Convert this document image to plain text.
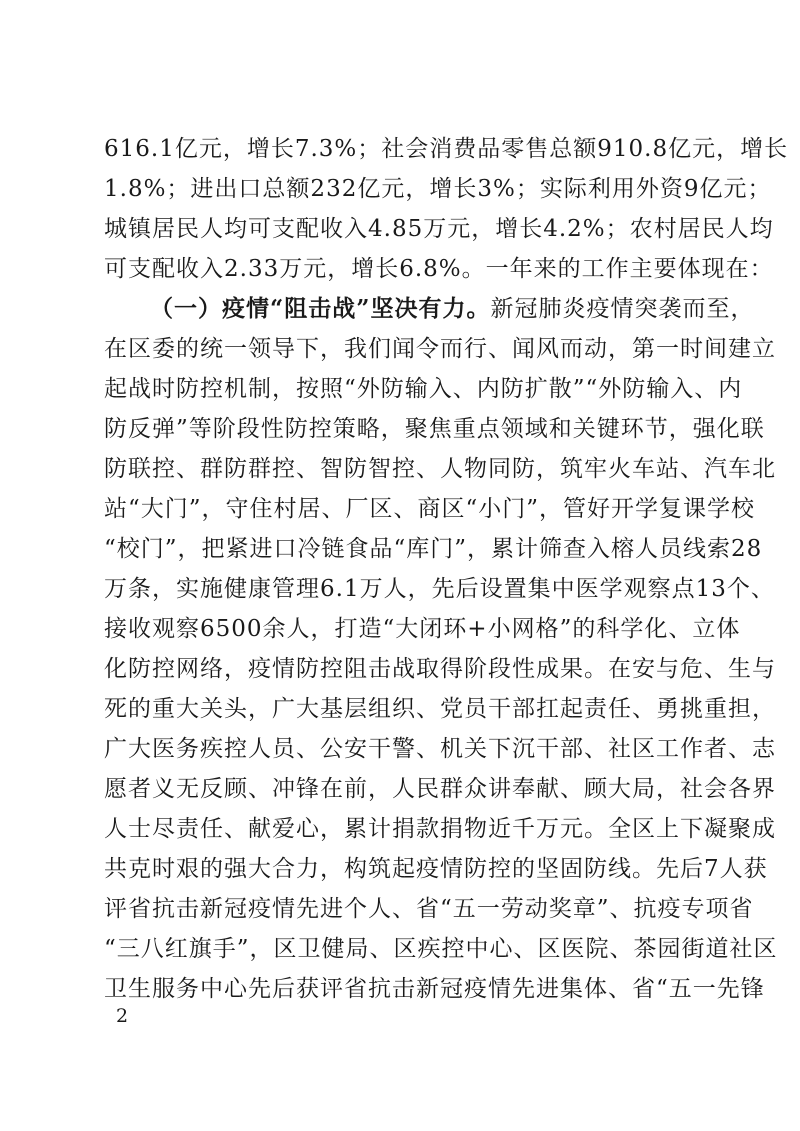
616.1亿元，增长7.3%；社会消费品零售总额910.8亿元，增长
1.8%；进出口总额232亿元，增长3%；实际利用外资9亿元；
城镇居民人均可支配收入4.85万元，增长4.2%；农村居民人均
可支配收入2.33万元，增长6.8%。一年来的工作主要体现在：
（一）疫情“阻击战”坚决有力。新冠肺炎疫情突袭而至，
在区委的统一领导下，我们闻令而行、闻风而动，第一时间建立
起战时防控机制，按照“外防输入、内防扩散”“外防输入、内
防反弹”等阶段性防控策略，聚焦重点领域和关键环节，强化联
防联控、群防群控、智防智控、人物同防，筑牢火车站、汽车北
站“大门”，守住村居、厂区、商区“小门”，管好开学复课学校
“校门”，把紧进口冷链食品“库门”，累计筛查入榕人员线索28
万条，实施健康管理6.1万人，先后设置集中医学观察点13个、
接收观察6500余人，打造“大闭环+小网格”的科学化、立体
化防控网络，疫情防控阻击战取得阶段性成果。在安与危、生与
死的重大关头，广大基层组织、党员干部扛起责任、勇挑重担，
广大医务疾控人员、公安干警、机关下沉干部、社区工作者、志
愿者义无反顾、冲锋在前，人民群众讲奉献、顾大局，社会各界
人士尽责任、献爱心，累计捐款捐物近千万元。全区上下凝聚成
共克时艰的强大合力，构筑起疫情防控的坚固防线。先后7人获
评省抗击新冠疫情先进个人、省“五一劳动奖章”、抗疫专项省
“三八红旗手”，区卫健局、区疾控中心、区医院、茶园街道社区
卫生服务中心先后获评省抗击新冠疫情先进集体、省“五一先锋
2
